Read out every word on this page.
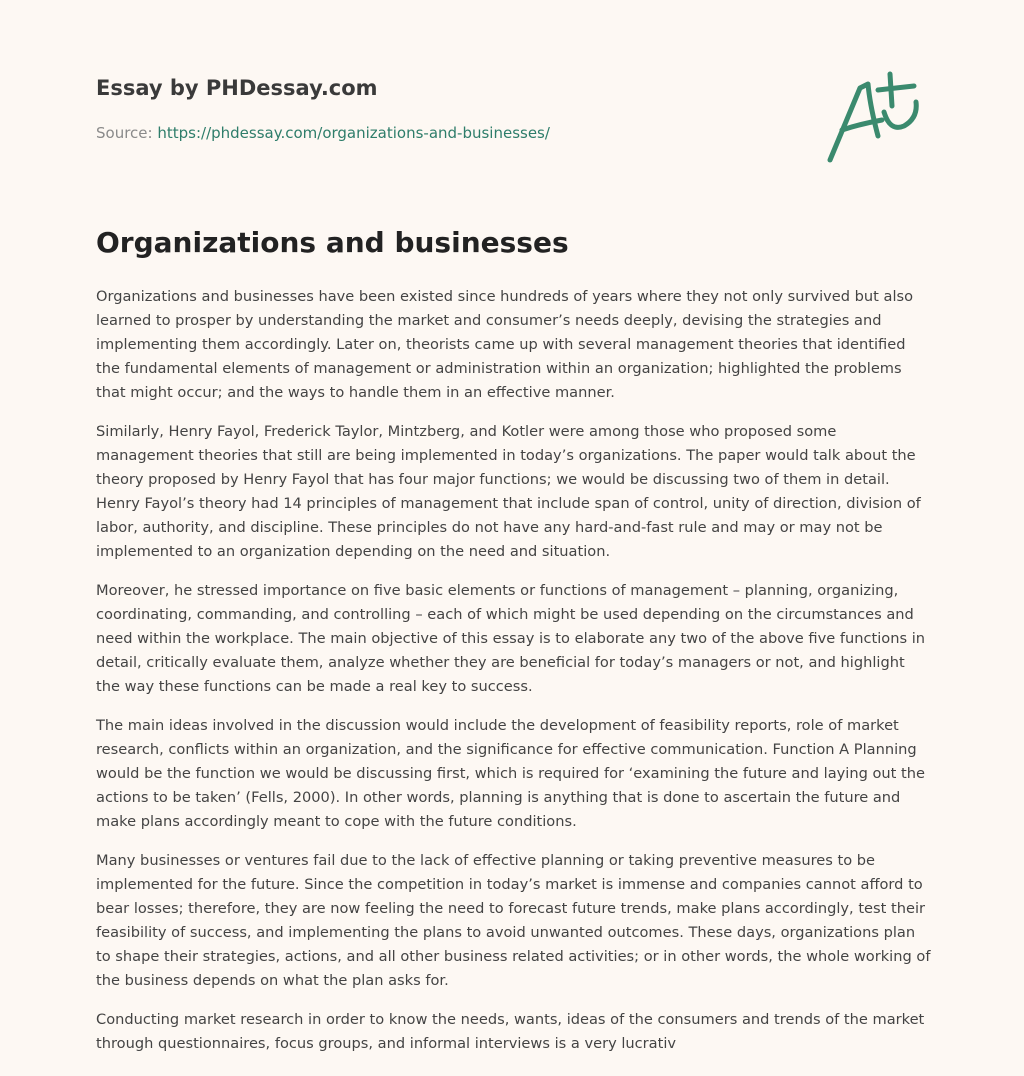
Essay by PHDessay.com

Source: https://phdessay.com/organizations-and-businesses/

Organizations and businesses

Organizations and businesses have been existed since hundreds of years where they not only survived but also learned to prosper by understanding the market and consumer’s needs deeply, devising the strategies and implementing them accordingly. Later on, theorists came up with several management theories that identified the fundamental elements of management or administration within an organization; highlighted the problems that might occur; and the ways to handle them in an effective manner.

Similarly, Henry Fayol, Frederick Taylor, Mintzberg, and Kotler were among those who proposed some management theories that still are being implemented in today’s organizations. The paper would talk about the theory proposed by Henry Fayol that has four major functions; we would be discussing two of them in detail. Henry Fayol’s theory had 14 principles of management that include span of control, unity of direction, division of labor, authority, and discipline. These principles do not have any hard-and-fast rule and may or may not be implemented to an organization depending on the need and situation.

Moreover, he stressed importance on five basic elements or functions of management – planning, organizing, coordinating, commanding, and controlling – each of which might be used depending on the circumstances and need within the workplace. The main objective of this essay is to elaborate any two of the above five functions in detail, critically evaluate them, analyze whether they are beneficial for today’s managers or not, and highlight the way these functions can be made a real key to success.

The main ideas involved in the discussion would include the development of feasibility reports, role of market research, conflicts within an organization, and the significance for effective communication. Function A Planning would be the function we would be discussing first, which is required for ‘examining the future and laying out the actions to be taken’ (Fells, 2000). In other words, planning is anything that is done to ascertain the future and make plans accordingly meant to cope with the future conditions.

Many businesses or ventures fail due to the lack of effective planning or taking preventive measures to be implemented for the future. Since the competition in today’s market is immense and companies cannot afford to bear losses; therefore, they are now feeling the need to forecast future trends, make plans accordingly, test their feasibility of success, and implementing the plans to avoid unwanted outcomes. These days, organizations plan to shape their strategies, actions, and all other business related activities; or in other words, the whole working of the business depends on what the plan asks for.

Conducting market research in order to know the needs, wants, ideas of the consumers and trends of the market through questionnaires, focus groups, and informal interviews is a very lucrativ
